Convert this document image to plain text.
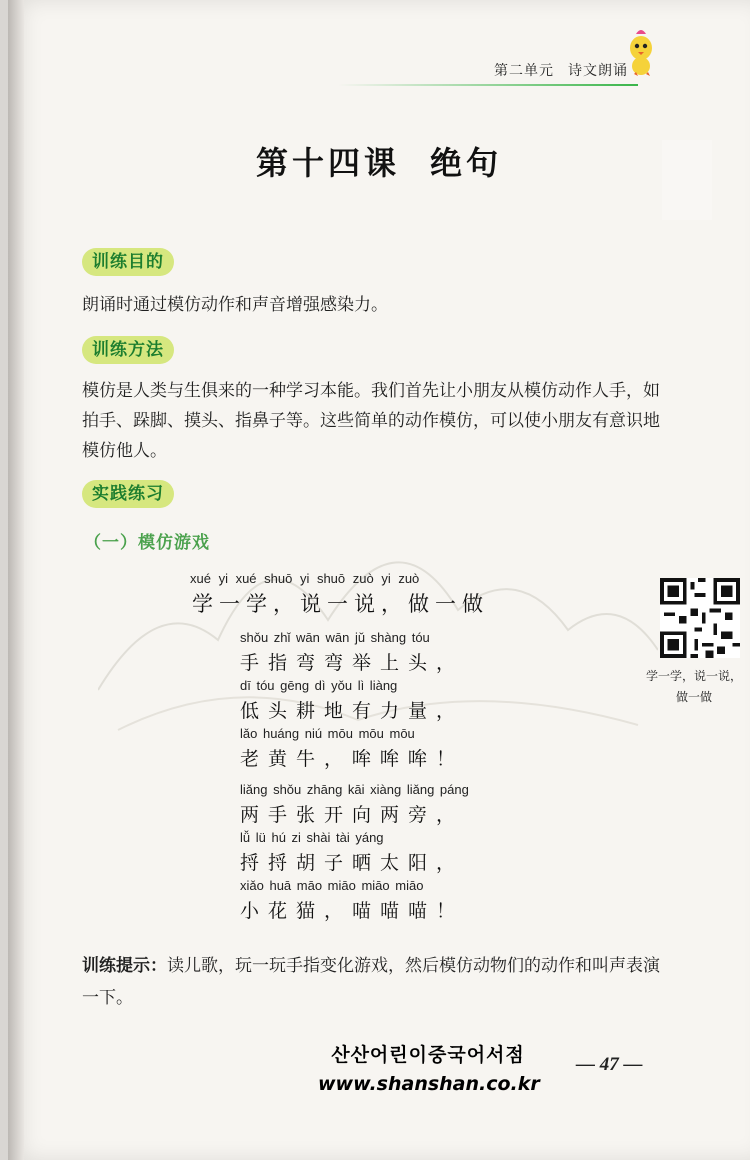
第二单元 诗文朗诵
第十四课 绝句
训练目的
朗诵时通过模仿动作和声音增强感染力。
训练方法
模仿是人类与生俱来的一种学习本能。我们首先让小朋友从模仿动作人手，如拍手、跺脚、摸头、指鼻子等。这些简单的动作模仿，可以使小朋友有意识地模仿他人。
实践练习
（一）模仿游戏
xué yi xué shuō yi shuō zuò yi zuò
学一学，说一说，做一做
shǒu zhǐ wān wān jǔ shàng tóu
手指弯弯举上头，
dī tóu gēng dì yǒu lì liàng
低头耕地有力量，
lǎo huáng niú mōu mōu mōu
老黄牛，哞哞哞！
liǎng shǒu zhāng kāi xiàng liǎng páng
两手张开向两旁，
lǚ lü hú zi shài tài yáng
捋捋胡子晒太阳，
xiǎo huā māo miāo miāo miāo
小花猫，喵喵喵！
学一学，说一说，
做一做
训练提示：读儿歌，玩一玩手指变化游戏，然后模仿动物们的动作和叫声表演一下。
산산어린이중국어서점
www.shanshan.co.kr
— 47 —
